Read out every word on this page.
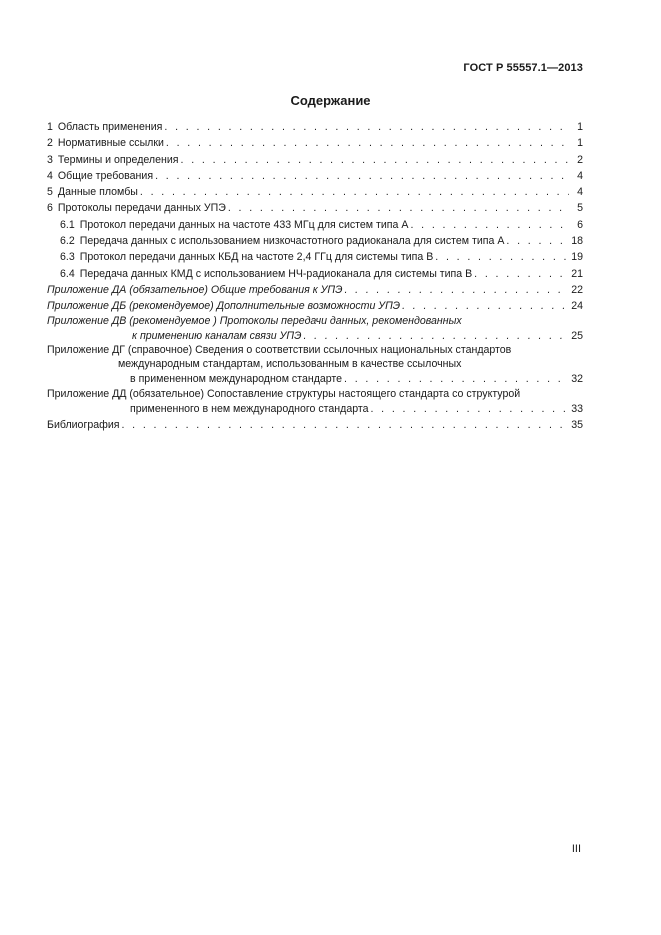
ГОСТ Р 55557.1—2013
Содержание
1 Область применения . . .	1
2 Нормативные ссылки . . .	1
3 Термины и определения . . .	2
4 Общие требования . . .	4
5 Данные пломбы . . .	4
6 Протоколы передачи данных УПЭ . . .	5
6.1 Протокол передачи данных на частоте 433 МГц для систем типа А . . .	6
6.2 Передача данных с использованием низкочастотного радиоканала для систем типа А . . .	18
6.3 Протокол передачи данных КБД на частоте 2,4 ГГц для системы типа В . . .	19
6.4 Передача данных КМД с использованием НЧ-радиоканала для системы типа В . . .	21
Приложение ДА (обязательное) Общие требования к УПЭ . . .	22
Приложение ДБ (рекомендуемое) Дополнительные возможности УПЭ . . .	24
Приложение ДВ (рекомендуемое ) Протоколы передачи данных, рекомендованных
к применению каналам связи УПЭ . . .	25
Приложение ДГ (справочное) Сведения о соответствии ссылочных национальных стандартов
международным стандартам, использованным в качестве ссылочных
в примененном международном стандарте . . .	32
Приложение ДД (обязательное) Сопоставление структуры настоящего стандарта со структурой
примененного в нем международного стандарта . . .	33
Библиография . . .	35
III
